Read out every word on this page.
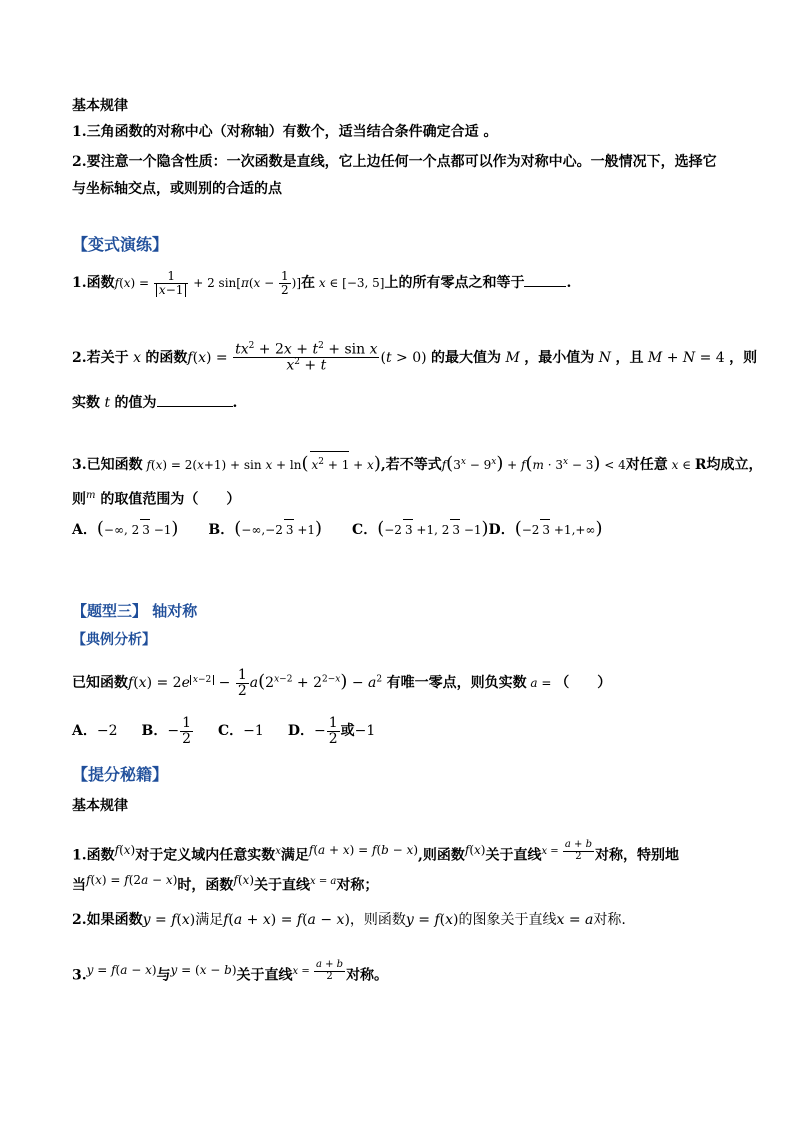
基本规律
1.三角函数的对称中心（对称轴）有数个，适当结合条件确定合适 。
2.要注意一个隐含性质：一次函数是直线，它上边任何一个点都可以作为对称中心。一般情况下，选择它
与坐标轴交点，或则别的合适的点
【变式演练】
1.函数$f(x) = \frac{1}{x-1} + 2$ $\sin[\pi(x - \frac{1}{2}$ )]在 x ∈ [−3, 5]上的所有零点之和等于	.
2.若关于 x 的函数$f(x) = \frac{tx^2 + 2x + t^2 + \sin x}{x^2 + t} (t > 0)$ 的最大值为 M ，最小值为 N ，且 M + N = 4 ，则
实数 t 的值为	.
3.已知函数 f(x) = 2(x+1) + sin x + ln( $x^2 + 1 + x$),若不等式$f(3^x - 9^x) + f(m \cdot 3^x - 3) < 4$对任意 x ∈ R均成立，
则$^m$ 的取值范围为（　　）
A．(−∞, 2 3 −1) B．(−∞,−2 3 +1) C．(−2 3 +1, 2 3 −1)D．(−2 3 +1,+∞)
【题型三】 轴对称
【典例分析】
已知函数f(x) = 2e $^{x-2} - \frac{1}{2} a(2^{x-2} + 2^{2-x}) - a^2$ 有唯一零点，则负实数 a = （　　）
A．−2 B．− $\frac{1}{2}$ C．−1 D．− $\frac{1}{2}$ 或−1
【提分秘籍】
基本规律
1.函数f(x)对于定义域内任意实数$^x$满足f(a + x) = f(b − x),则函数f(x)关于直线$^{x =} \frac{a + b}{2}$ 对称，特别地
当f(x) = f(2a − x)时，函数f(x)关于直线$^{x = a}$对称；
2.如果函数y = f(x)满足f(a + x) = f(a − x)，则函数y = f(x)的图象关于直线x = a对称.
3.y = f(a − x)与y = (x − b)关于直线$^{x =} \frac{a + b}{2}$ 对称。
